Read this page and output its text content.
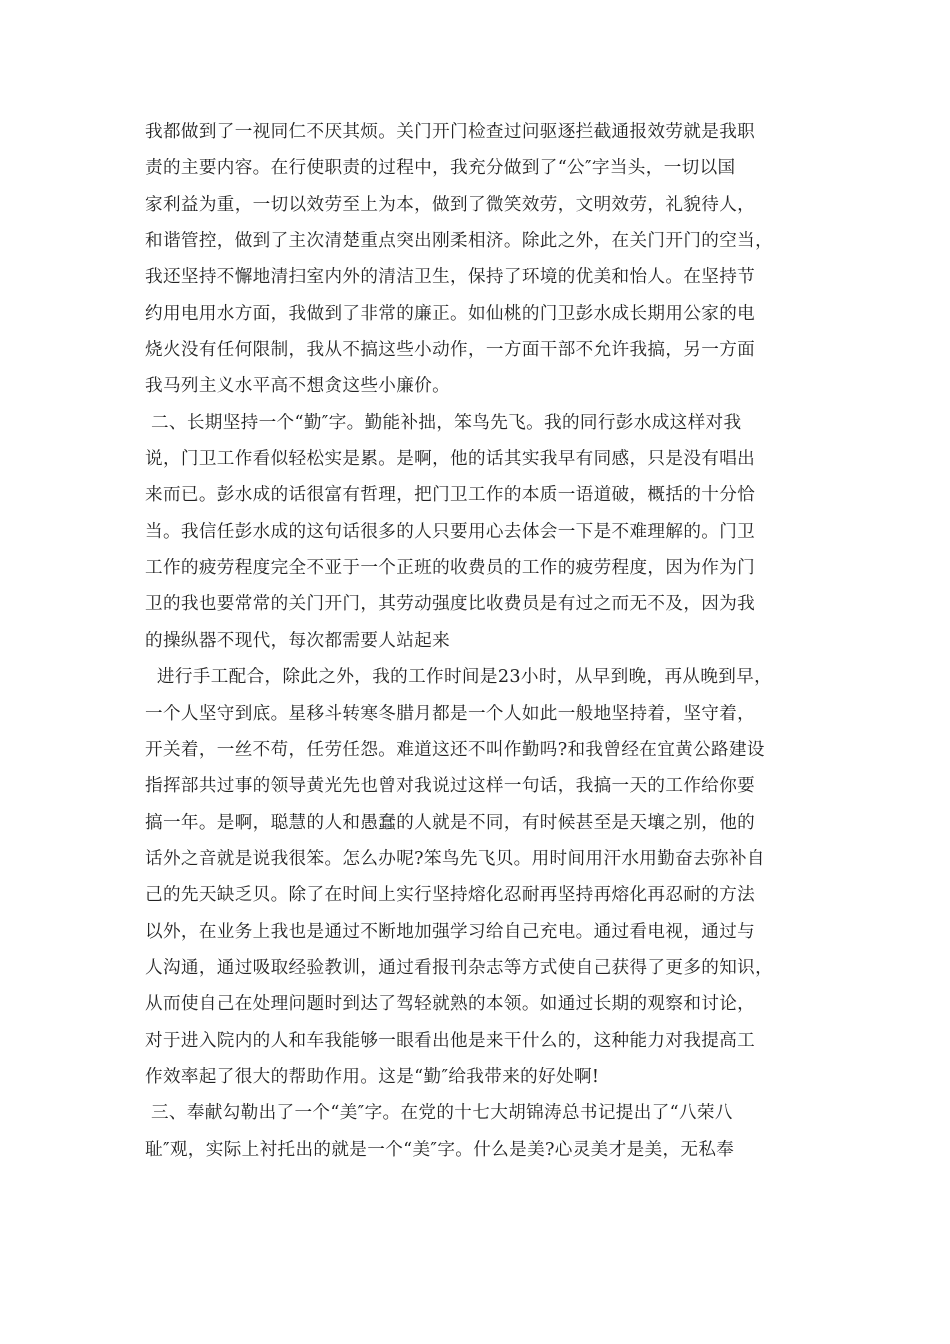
我都做到了一视同仁不厌其烦。关门开门检查过问驱逐拦截通报效劳就是我职
责的主要内容。在行使职责的过程中，我充分做到了“公″字当头，一切以国
家利益为重，一切以效劳至上为本，做到了微笑效劳，文明效劳，礼貌待人，
和谐管控，做到了主次清楚重点突出刚柔相济。除此之外，在关门开门的空当，
我还坚持不懈地清扫室内外的清洁卫生，保持了环境的优美和怡人。在坚持节
约用电用水方面，我做到了非常的廉正。如仙桃的门卫彭水成长期用公家的电
烧火没有任何限制，我从不搞这些小动作，一方面干部不允许我搞，另一方面
我马列主义水平高不想贪这些小廉价。
二、长期坚持一个“勤″字。勤能补拙，笨鸟先飞。我的同行彭水成这样对我
说，门卫工作看似轻松实是累。是啊，他的话其实我早有同感，只是没有唱出
来而已。彭水成的话很富有哲理，把门卫工作的本质一语道破，概括的十分恰
当。我信任彭水成的这句话很多的人只要用心去体会一下是不难理解的。门卫
工作的疲劳程度完全不亚于一个正班的收费员的工作的疲劳程度，因为作为门
卫的我也要常常的关门开门，其劳动强度比收费员是有过之而无不及，因为我
的操纵器不现代，每次都需要人站起来
进行手工配合，除此之外，我的工作时间是23小时，从早到晚，再从晚到早，
一个人坚守到底。星移斗转寒冬腊月都是一个人如此一般地坚持着，坚守着，
开关着，一丝不苟，任劳任怨。难道这还不叫作勤吗?和我曾经在宜黄公路建设
指挥部共过事的领导黄光先也曾对我说过这样一句话，我搞一天的工作给你要
搞一年。是啊，聪慧的人和愚蠢的人就是不同，有时候甚至是天壤之别，他的
话外之音就是说我很笨。怎么办呢?笨鸟先飞贝。用时间用汗水用勤奋去弥补自
己的先天缺乏贝。除了在时间上实行坚持熔化忍耐再坚持再熔化再忍耐的方法
以外，在业务上我也是通过不断地加强学习给自己充电。通过看电视，通过与
人沟通，通过吸取经验教训，通过看报刊杂志等方式使自己获得了更多的知识，
从而使自己在处理问题时到达了驾轻就熟的本领。如通过长期的观察和讨论，
对于进入院内的人和车我能够一眼看出他是来干什么的，这种能力对我提高工
作效率起了很大的帮助作用。这是“勤″给我带来的好处啊!
三、奉献勾勒出了一个“美″字。在党的十七大胡锦涛总书记提出了“八荣八
耻″观，实际上衬托出的就是一个“美″字。什么是美?心灵美才是美，无私奉
